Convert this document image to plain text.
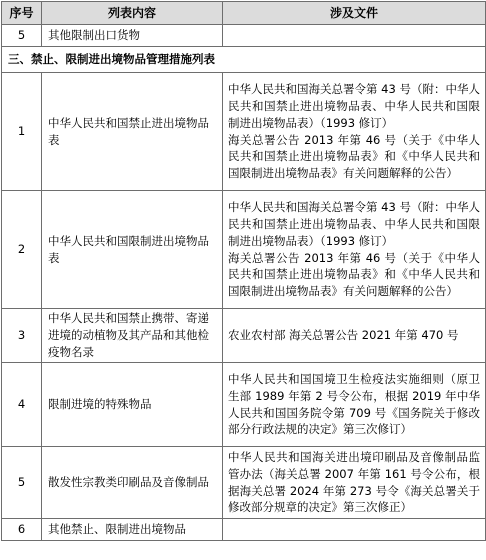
序号	列表内容	涉及文件
5	其他限制出口货物	
三、禁止、限制进出境物品管理措施列表		
1	中华人民共和国禁止进出境物品表	中华人民共和国海关总署令第 43 号（附：中华人民共和国禁止进出境物品表、中华人民共和国限制进出境物品表）（1993 修订）
海关总署公告 2013 年第 46 号（关于《中华人民共和国禁止进出境物品表》和《中华人民共和国限制进出境物品表》有关问题解释的公告）

2	中华人民共和国限制进出境物品表	中华人民共和国海关总署令第 43 号（附：中华人民共和国禁止进出境物品表、中华人民共和国限制进出境物品表）（1993 修订）
海关总署公告 2013 年第 46 号（关于《中华人民共和国禁止进出境物品表》和《中华人民共和国限制进出境物品表》有关问题解释的公告）

3	中华人民共和国禁止携带、寄递进境的动植物及其产品和其他检疫物名录	农业农村部 海关总署公告 2021 年第 470 号

4	限制进境的特殊物品	中华人民共和国国境卫生检疫法实施细则（原卫生部 1989 年第 2 号令公布，根据 2019 年中华人民共和国国务院令第 709 号《国务院关于修改部分行政法规的决定》第三次修订）

5	散发性宗教类印刷品及音像制品	中华人民共和国海关进出境印刷品及音像制品监管办法（海关总署 2007 年第 161 号令公布，根据海关总署 2024 年第 273 号令《海关总署关于修改部分规章的决定》第三次修正）

6	其他禁止、限制进出境物品	
